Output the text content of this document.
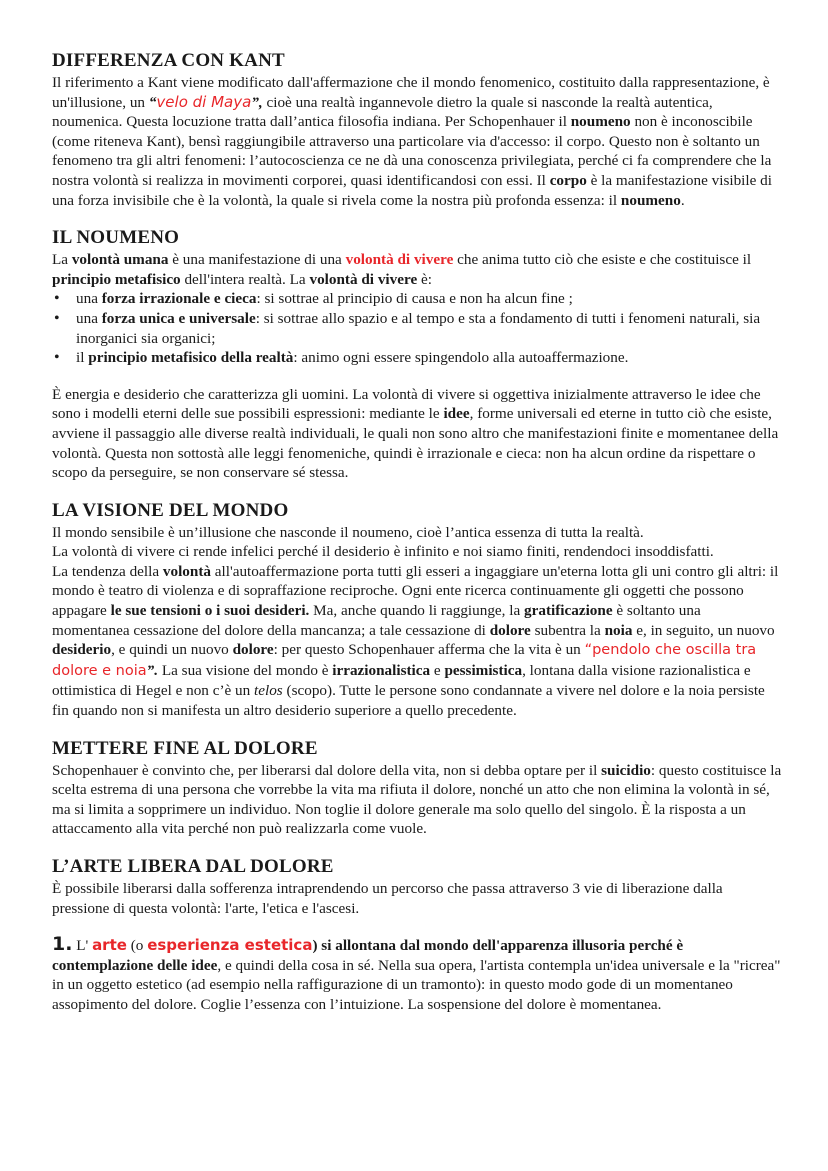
DIFFERENZA CON KANT

Il riferimento a Kant viene modificato dall'affermazione che il mondo fenomenico, costituito dalla rappresentazione, è un'illusione, un “velo di Maya”, cioè una realtà ingannevole dietro la quale si nasconde la realtà autentica, noumenica. Questa locuzione tratta dall’antica filosofia indiana. Per Schopenhauer il noumeno non è inconoscibile (come riteneva Kant), bensì raggiungibile attraverso una particolare via d'accesso: il corpo. Questo non è soltanto un fenomeno tra gli altri fenomeni: l’autocoscienza ce ne dà una conoscenza privilegiata, perché ci fa comprendere che la nostra volontà si realizza in movimenti corporei, quasi identificandosi con essi. Il corpo è la manifestazione visibile di una forza invisibile che è la volontà, la quale si rivela come la nostra più profonda essenza: il noumeno.

IL NOUMENO

La volontà umana è una manifestazione di una volontà di vivere che anima tutto ciò che esiste e che costituisce il principio metafisico dell'intera realtà. La volontà di vivere è:

• una forza irrazionale e cieca: si sottrae al principio di causa e non ha alcun fine ;
• una forza unica e universale: si sottrae allo spazio e al tempo e sta a fondamento di tutti i fenomeni naturali, sia inorganici sia organici;
• il principio metafisico della realtà: animo ogni essere spingendolo alla autoaffermazione.

È energia e desiderio che caratterizza gli uomini. La volontà di vivere si oggettiva inizialmente attraverso le idee che sono i modelli eterni delle sue possibili espressioni: mediante le idee, forme universali ed eterne in tutto ciò che esiste, avviene il passaggio alle diverse realtà individuali, le quali non sono altro che manifestazioni finite e momentanee della volontà. Questa non sottostà alle leggi fenomeniche, quindi è irrazionale e cieca: non ha alcun ordine da rispettare o scopo da perseguire, se non conservare sé stessa.

LA VISIONE DEL MONDO

Il mondo sensibile è un’illusione che nasconde il noumeno, cioè l’antica essenza di tutta la realtà.

La volontà di vivere ci rende infelici perché il desiderio è infinito e noi siamo finiti, rendendoci insoddisfatti.

La tendenza della volontà all'autoaffermazione porta tutti gli esseri a ingaggiare un'eterna lotta gli uni contro gli altri: il mondo è teatro di violenza e di sopraffazione reciproche. Ogni ente ricerca continuamente gli oggetti che possono appagare le sue tensioni o i suoi desideri. Ma, anche quando li raggiunge, la gratificazione è soltanto una momentanea cessazione del dolore della mancanza; a tale cessazione di dolore subentra la noia e, in seguito, un nuovo desiderio, e quindi un nuovo dolore: per questo Schopenhauer afferma che la vita è un “pendolo che oscilla tra dolore e noia”. La sua visione del mondo è irrazionalistica e pessimistica, lontana dalla visione razionalistica e ottimistica di Hegel e non c’è un telos (scopo). Tutte le persone sono condannate a vivere nel dolore e la noia persiste fin quando non si manifesta un altro desiderio superiore a quello precedente.

METTERE FINE AL DOLORE

Schopenhauer è convinto che, per liberarsi dal dolore della vita, non si debba optare per il suicidio: questo costituisce la scelta estrema di una persona che vorrebbe la vita ma rifiuta il dolore, nonché un atto che non elimina la volontà in sé, ma si limita a sopprimere un individuo. Non toglie il dolore generale ma solo quello del singolo. È la risposta a un attaccamento alla vita perché non può realizzarla come vuole.

L’ARTE LIBERA DAL DOLORE

È possibile liberarsi dalla sofferenza intraprendendo un percorso che passa attraverso 3 vie di liberazione dalla pressione di questa volontà: l'arte, l'etica e l'ascesi.

1. L' arte (o esperienza estetica) si allontana dal mondo dell'apparenza illusoria perché è contemplazione delle idee, e quindi della cosa in sé. Nella sua opera, l'artista contempla un'idea universale e la "ricrea" in un oggetto estetico (ad esempio nella raffigurazione di un tramonto): in questo modo gode di un momentaneo assopimento del dolore. Coglie l’essenza con l’intuizione. La sospensione del dolore è momentanea.
